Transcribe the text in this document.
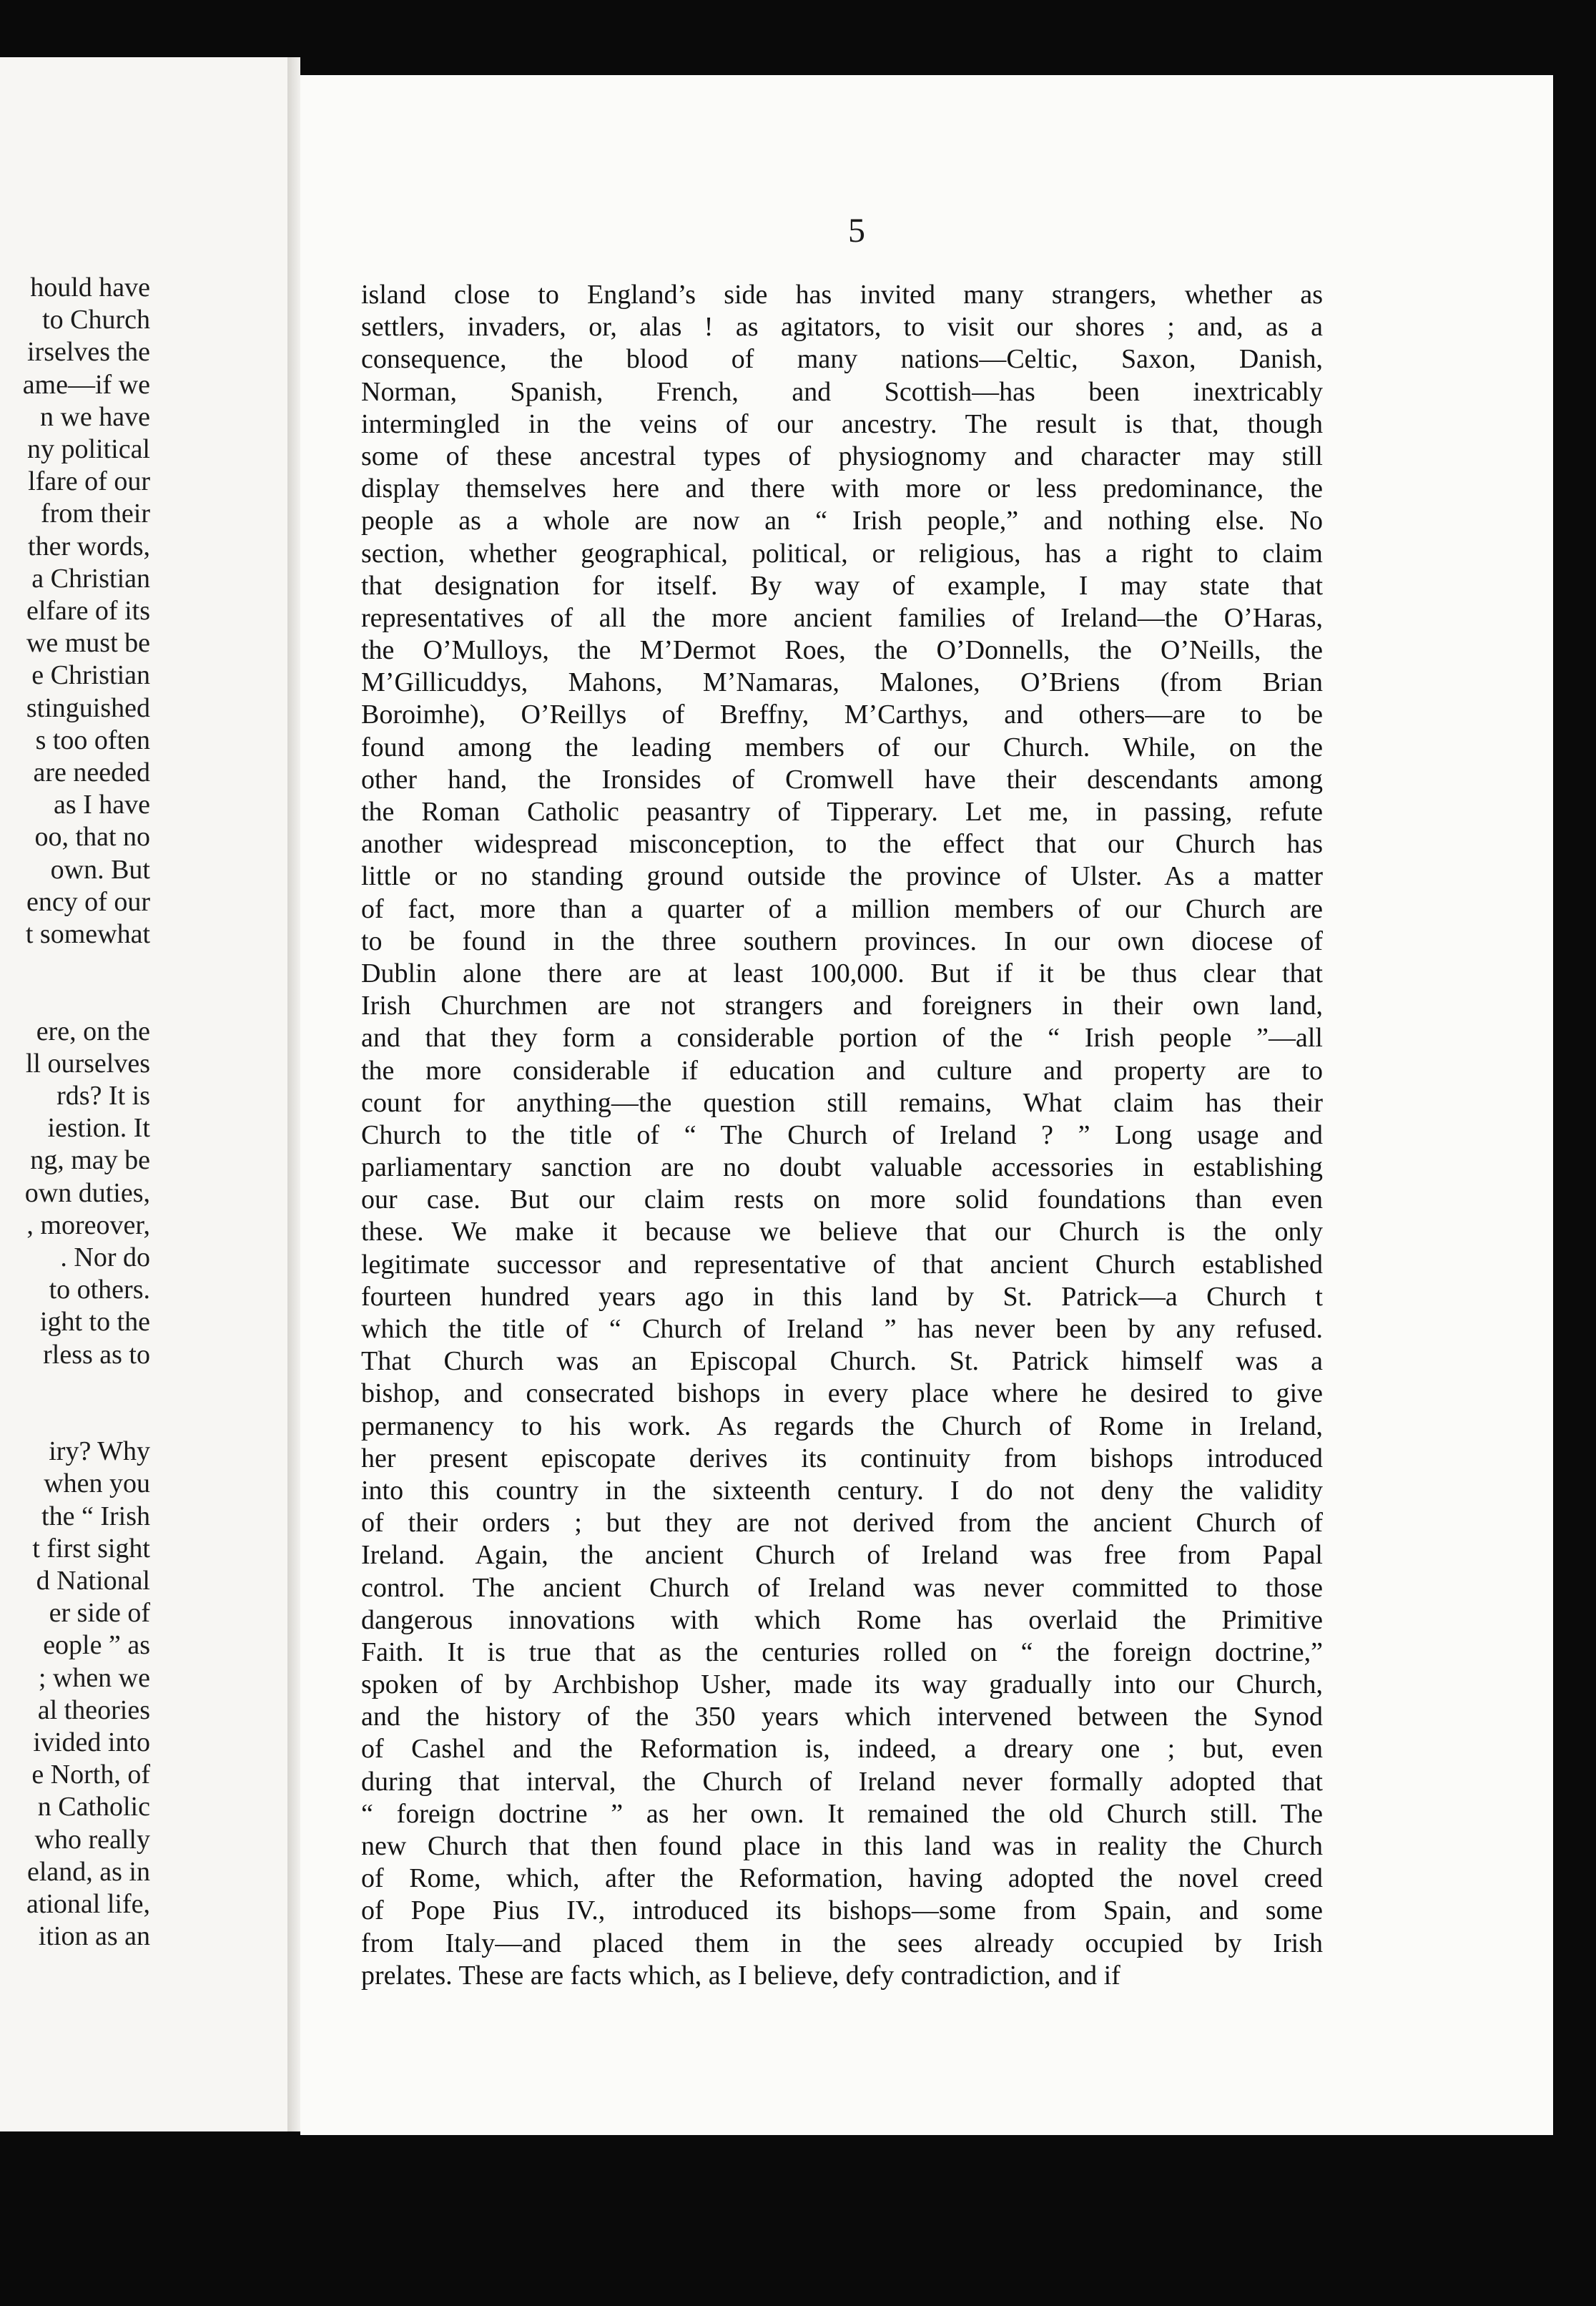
hould have
to Church
irselves the
ame—if we
n we have
ny political
lfare of our
from their
ther words,
a Christian
elfare of its
we must be
e Christian
stinguished
s too often
are needed
as I have
oo, that no
own. But
ency of our
t somewhat
ere, on the
ll ourselves
rds? It is
iestion. It
ng, may be
own duties,
, moreover,
. Nor do
to others.
ight to the
rless as to
iry? Why
when you
the “ Irish
t first sight
d National
er side of
eople ” as
; when we
al theories
ivided into
e North, of
n Catholic
who really
eland, as in
ational life,
ition as an

5

island close to England’s side has invited many strangers, whether as
settlers, invaders, or, alas ! as agitators, to visit our shores ; and, as a
consequence, the blood of many nations—Celtic, Saxon, Danish,
Norman, Spanish, French, and Scottish—has been inextricably
intermingled in the veins of our ancestry. The result is that, though
some of these ancestral types of physiognomy and character may still
display themselves here and there with more or less predominance, the
people as a whole are now an “ Irish people,” and nothing else. No
section, whether geographical, political, or religious, has a right to claim
that designation for itself. By way of example, I may state that
representatives of all the more ancient families of Ireland—the O’Haras,
the O’Mulloys, the M’Dermot Roes, the O’Donnells, the O’Neills, the
M’Gillicuddys, Mahons, M’Namaras, Malones, O’Briens (from Brian
Boroimhe), O’Reillys of Breffny, M’Carthys, and others—are to be
found among the leading members of our Church. While, on the
other hand, the Ironsides of Cromwell have their descendants among
the Roman Catholic peasantry of Tipperary. Let me, in passing, refute
another widespread misconception, to the effect that our Church has
little or no standing ground outside the province of Ulster. As a matter
of fact, more than a quarter of a million members of our Church are
to be found in the three southern provinces. In our own diocese of
Dublin alone there are at least 100,000. But if it be thus clear that
Irish Churchmen are not strangers and foreigners in their own land,
and that they form a considerable portion of the “ Irish people ”—all
the more considerable if education and culture and property are to
count for anything—the question still remains, What claim has their
Church to the title of “ The Church of Ireland ? ” Long usage and
parliamentary sanction are no doubt valuable accessories in establishing
our case. But our claim rests on more solid foundations than even
these. We make it because we believe that our Church is the only
legitimate successor and representative of that ancient Church established
fourteen hundred years ago in this land by St. Patrick—a Church t
which the title of “ Church of Ireland ” has never been by any refused.
That Church was an Episcopal Church. St. Patrick himself was a
bishop, and consecrated bishops in every place where he desired to give
permanency to his work. As regards the Church of Rome in Ireland,
her present episcopate derives its continuity from bishops introduced
into this country in the sixteenth century. I do not deny the validity
of their orders ; but they are not derived from the ancient Church of
Ireland. Again, the ancient Church of Ireland was free from Papal
control. The ancient Church of Ireland was never committed to those
dangerous innovations with which Rome has overlaid the Primitive
Faith. It is true that as the centuries rolled on “ the foreign doctrine,”
spoken of by Archbishop Usher, made its way gradually into our Church,
and the history of the 350 years which intervened between the Synod
of Cashel and the Reformation is, indeed, a dreary one ; but, even
during that interval, the Church of Ireland never formally adopted that
“ foreign doctrine ” as her own. It remained the old Church still. The
new Church that then found place in this land was in reality the Church
of Rome, which, after the Reformation, having adopted the novel creed
of Pope Pius IV., introduced its bishops—some from Spain, and some
from Italy—and placed them in the sees already occupied by Irish
prelates. These are facts which, as I believe, defy contradiction, and if
